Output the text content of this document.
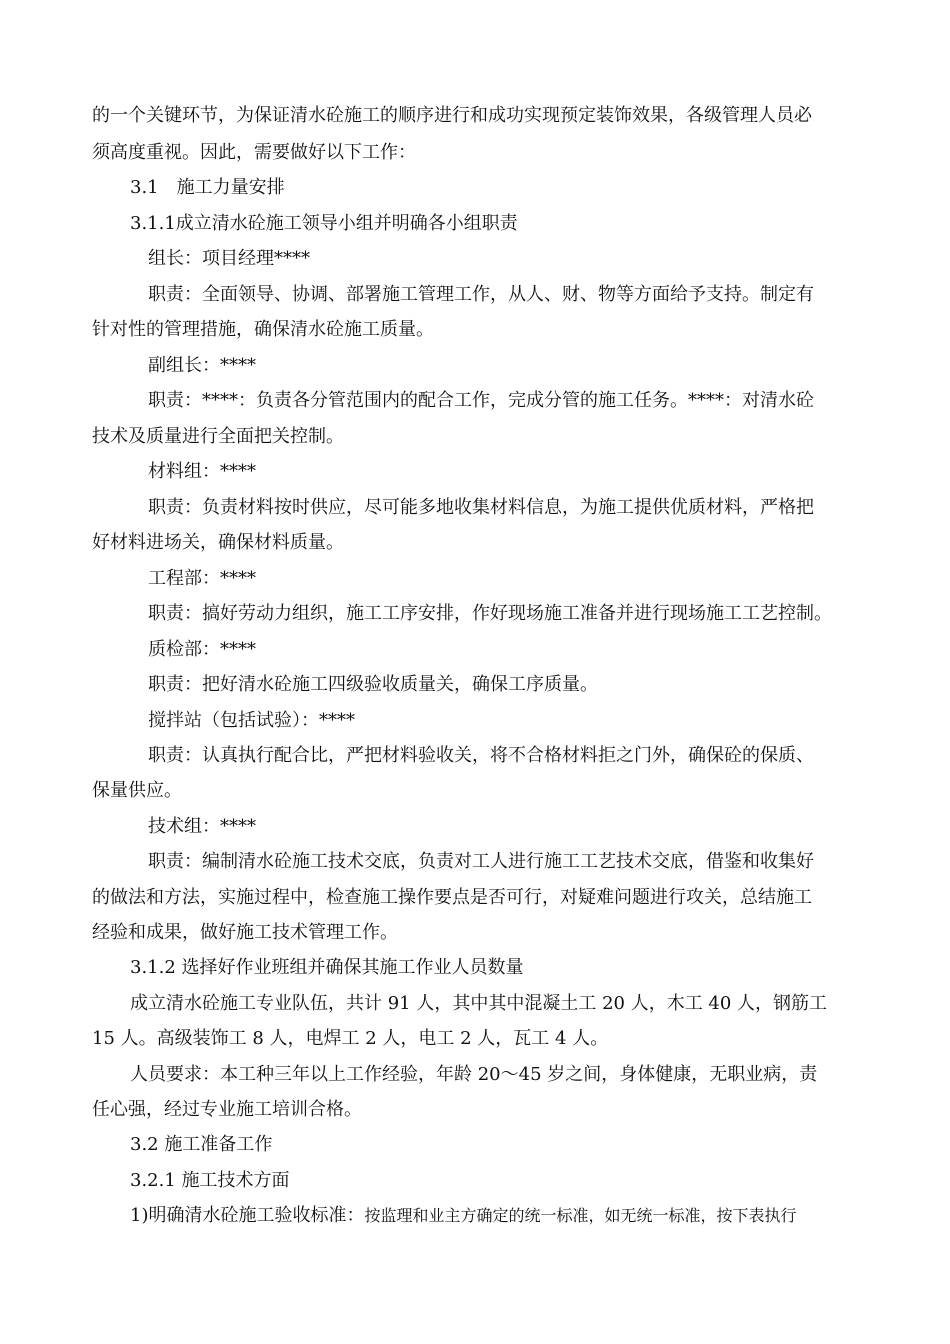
的一个关键环节，为保证清水砼施工的顺序进行和成功实现预定装饰效果，各级管理人员必
须高度重视。因此，需要做好以下工作：
3.1　施工力量安排
3.1.1成立清水砼施工领导小组并明确各小组职责
组长：项目经理****
职责：全面领导、协调、部署施工管理工作，从人、财、物等方面给予支持。制定有
针对性的管理措施，确保清水砼施工质量。
副组长：****
职责：****：负责各分管范围内的配合工作，完成分管的施工任务。****：对清水砼
技术及质量进行全面把关控制。
材料组：****
职责：负责材料按时供应，尽可能多地收集材料信息，为施工提供优质材料，严格把
好材料进场关，确保材料质量。
工程部：****
职责：搞好劳动力组织，施工工序安排，作好现场施工准备并进行现场施工工艺控制。
质检部：****
职责：把好清水砼施工四级验收质量关，确保工序质量。
搅拌站（包括试验）：****
职责：认真执行配合比，严把材料验收关，将不合格材料拒之门外，确保砼的保质、
保量供应。
技术组：****
职责：编制清水砼施工技术交底，负责对工人进行施工工艺技术交底，借鉴和收集好
的做法和方法，实施过程中，检查施工操作要点是否可行，对疑难问题进行攻关，总结施工
经验和成果，做好施工技术管理工作。
3.1.2 选择好作业班组并确保其施工作业人员数量
成立清水砼施工专业队伍，共计 91 人，其中其中混凝土工 20 人，木工 40 人，钢筋工
15 人。高级装饰工 8 人，电焊工 2 人，电工 2 人，瓦工 4 人。
人员要求：本工种三年以上工作经验，年龄 20～45 岁之间，身体健康，无职业病，责
任心强，经过专业施工培训合格。
3.2 施工准备工作
3.2.1 施工技术方面
1)明确清水砼施工验收标准：按监理和业主方确定的统一标准，如无统一标准，按下表执行
